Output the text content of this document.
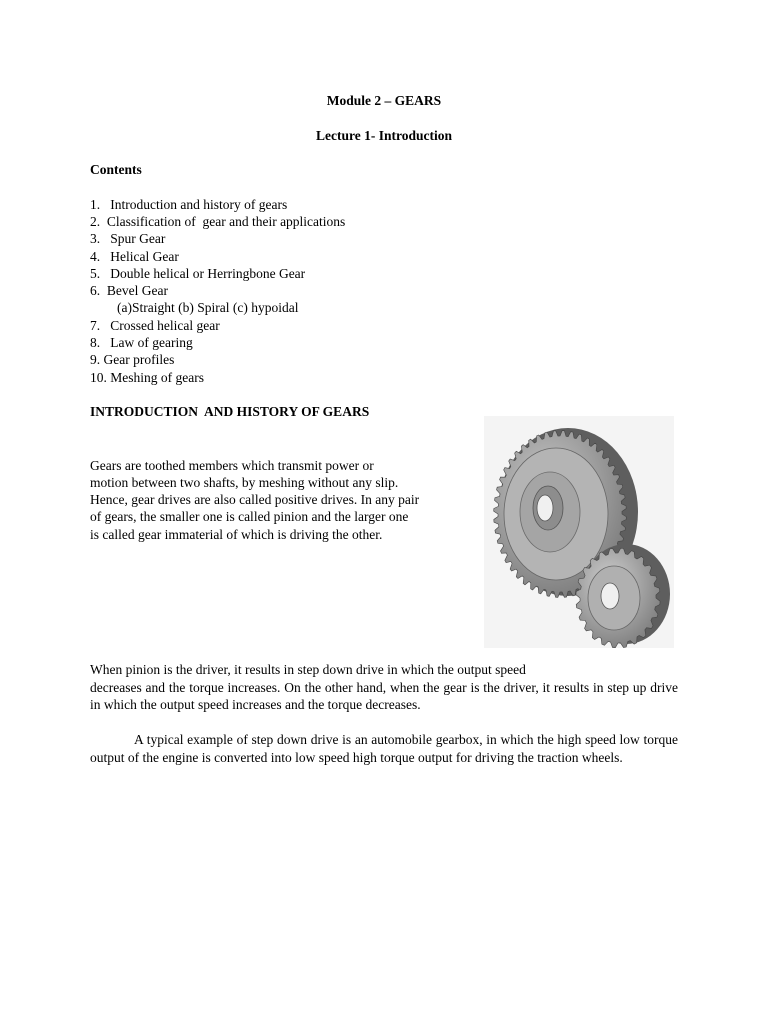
Module 2 – GEARS
Lecture 1- Introduction
Contents
1.   Introduction and history of gears
2.  Classification of  gear and their applications
3.   Spur Gear
4.   Helical Gear
5.   Double helical or Herringbone Gear
6.  Bevel Gear
(a)Straight (b) Spiral (c) hypoidal
7.   Crossed helical gear
8.   Law of gearing
9. Gear profiles
10. Meshing of gears
INTRODUCTION  AND HISTORY OF GEARS
Gears are toothed members which transmit power or
motion between two shafts, by meshing without any slip.
Hence, gear drives are also called positive drives. In any pair
of gears, the smaller one is called pinion and the larger one
is called gear immaterial of which is driving the other.
When pinion is the driver, it results in step down drive in which the output speed
decreases and the torque increases. On the other hand, when the gear is the driver, it results in step up drive in which the output speed increases and the torque decreases.
A typical example of step down drive is an automobile gearbox, in which the high speed low torque output of the engine is converted into low speed high torque output for driving the traction wheels.
